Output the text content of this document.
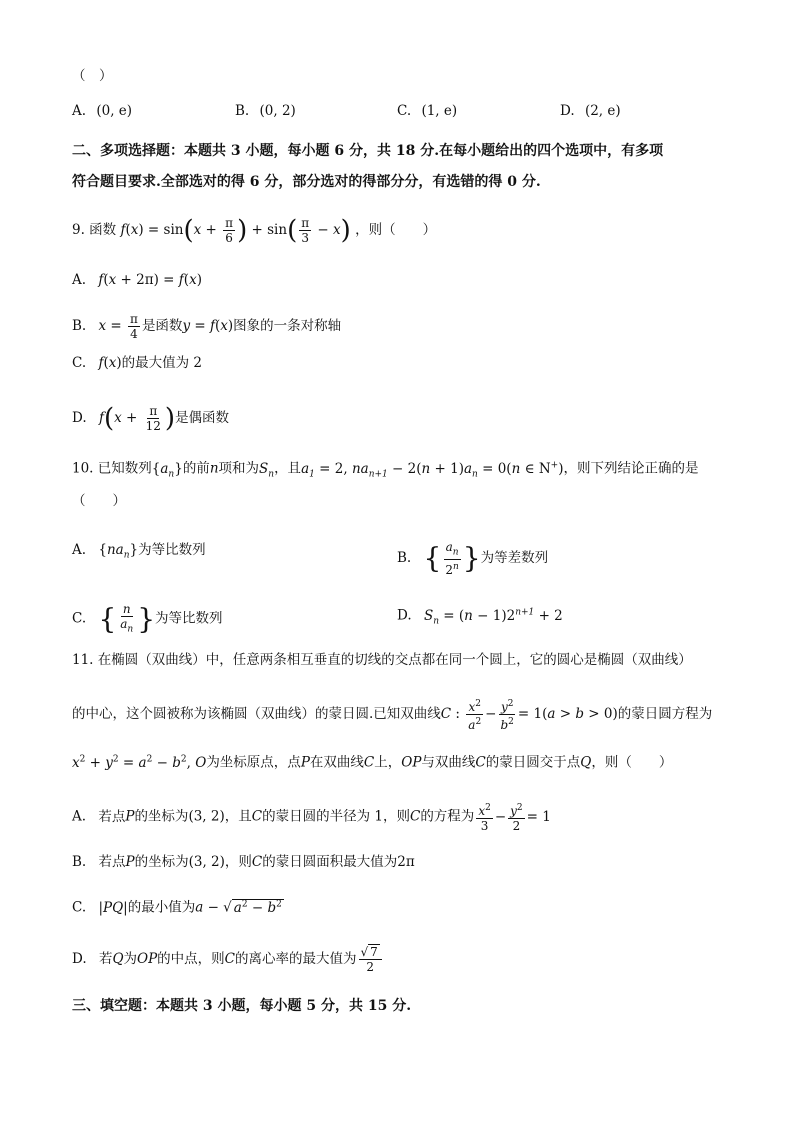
（　）
A. (0, e)	B. (0, 2)	C. (1, e)	D. (2, e)
二、多项选择题：本题共 3 小题，每小题 6 分，共 18 分.在每小题给出的四个选项中，有多项
符合题目要求.全部选对的得 6 分，部分选对的得部分分，有选错的得 0 分.
9. 函数 $f(x) = \sin(x + \frac{\pi}{6}$ ) + $\sin( \frac{\pi}{3} - x)$ ，则（　　）
A. f(x + 2π) = f(x)
B. $x = \frac{\pi}{4}$ 是函数y = f(x)图象的一条对称轴
C. f(x)的最大值为 2
D. $f(x + \frac{\pi}{12}$ )是偶函数
10. 已知数列$\{a_n\}$的前n项和为$S_n$，且$a_1 = 2$, $na_{n+1} - 2(n + 1)a_n = 0(n$ ∈ N+)，则下列结论正确的是
（　　）
A. $\{na_n\}$为等比数列
B. { $\frac{a_n}{2^n}$ }为等差数列
C. { $\frac{n}{a_n}$ }为等比数列	D. $S_n = (n - 1)2^{n+1} + 2$
11. 在椭圆（双曲线）中，任意两条相互垂直的切线的交点都在同一个圆上，它的圆心是椭圆（双曲线）
的中心，这个圆被称为该椭圆（双曲线）的蒙日圆.已知双曲线C : $\frac{x^2}{a^2} - \frac{y^2}{b^2} = 1(a > b > 0)$的蒙日圆方程为
$x^2 + y^2 = a^2 - b^2$, O为坐标原点，点P在双曲线C上，OP与双曲线C的蒙日圆交于点Q，则（　　）
A. 若点P的坐标为(3, 2)，且C的蒙日圆的半径为 1，则C的方程为 $\frac{x^2}{3} - \frac{y^2}{2} = 1$
B. 若点P的坐标为(3, 2)，则C的蒙日圆面积最大值为2π
C. |PQ|的最小值为a − √ $a^2 - b^2$
D. 若Q为OP的中点，则C的离心率的最大值为 $\frac{√ 7}{2}$
三、填空题：本题共 3 小题，每小题 5 分，共 15 分.
